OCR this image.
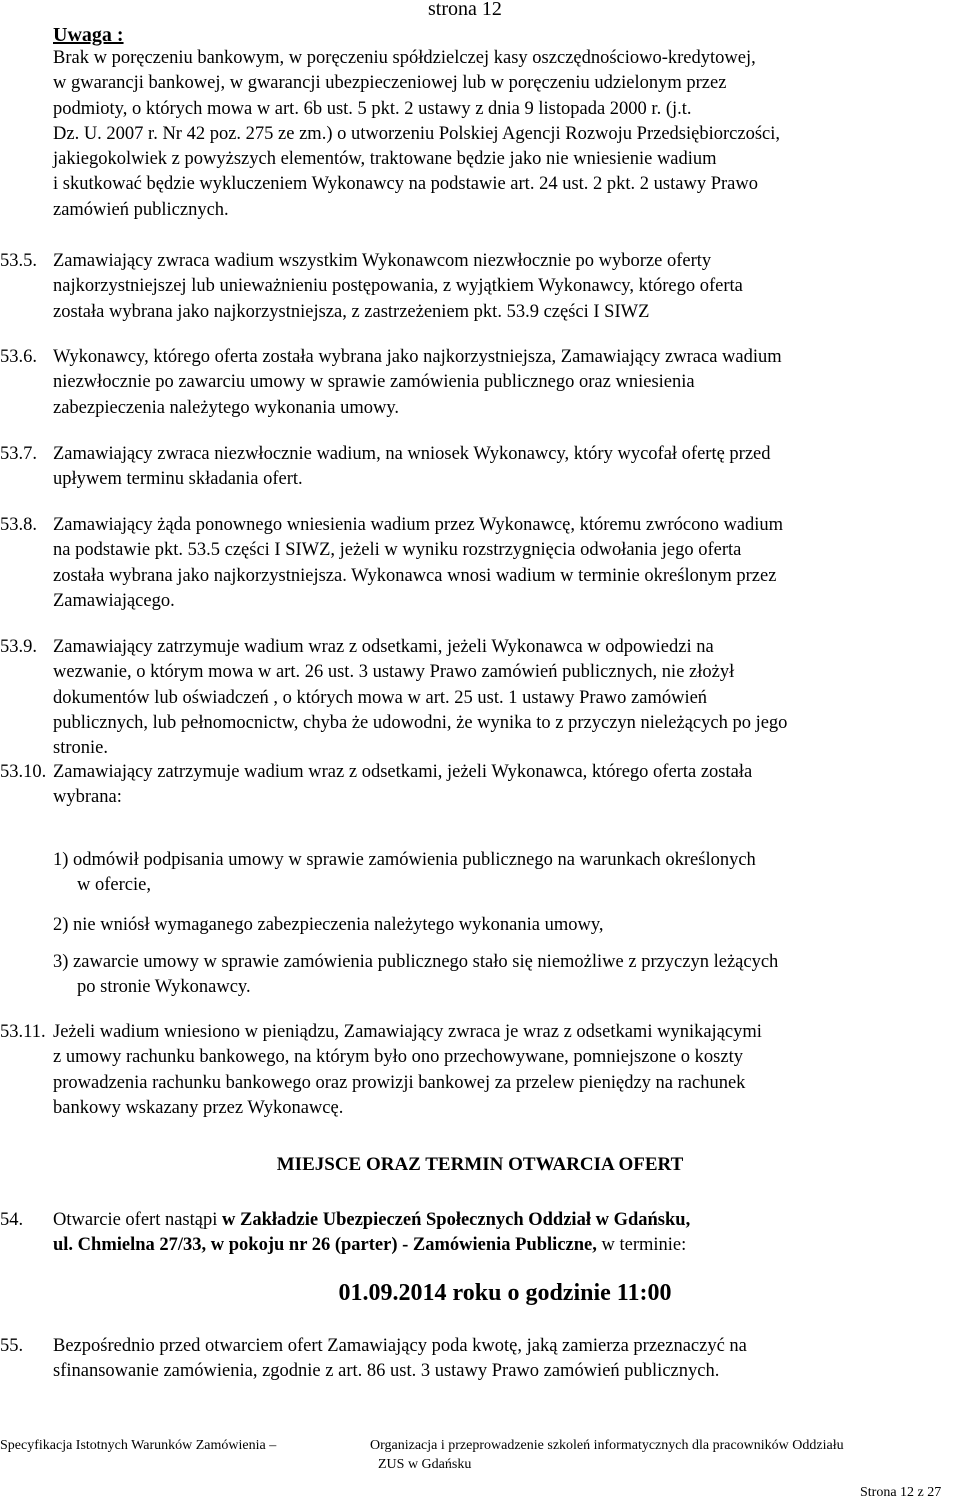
strona 12
Uwaga :
Brak w poręczeniu bankowym, w poręczeniu spółdzielczej kasy oszczędnościowo-kredytowej,
w gwarancji bankowej, w gwarancji ubezpieczeniowej lub w poręczeniu udzielonym przez
podmioty, o których mowa w art. 6b ust. 5 pkt. 2 ustawy z dnia 9 listopada 2000 r. (j.t.
Dz. U. 2007 r. Nr 42 poz. 275 ze zm.) o utworzeniu Polskiej Agencji Rozwoju Przedsiębiorczości,
jakiegokolwiek z powyższych elementów, traktowane będzie jako nie wniesienie wadium
i skutkować będzie wykluczeniem Wykonawcy na podstawie art. 24 ust. 2 pkt. 2 ustawy Prawo
zamówień publicznych.
53.5. Zamawiający zwraca wadium wszystkim Wykonawcom niezwłocznie po wyborze oferty
najkorzystniejszej lub unieważnieniu postępowania, z wyjątkiem Wykonawcy, którego oferta
została wybrana jako najkorzystniejsza, z zastrzeżeniem pkt. 53.9 części I SIWZ
53.6. Wykonawcy, którego oferta została wybrana jako najkorzystniejsza, Zamawiający zwraca wadium
niezwłocznie po zawarciu umowy w sprawie zamówienia publicznego oraz wniesienia
zabezpieczenia należytego wykonania umowy.
53.7. Zamawiający zwraca niezwłocznie wadium, na wniosek Wykonawcy, który wycofał ofertę przed
upływem terminu składania ofert.
53.8. Zamawiający żąda ponownego wniesienia wadium przez Wykonawcę, któremu zwrócono wadium
na podstawie pkt. 53.5 części I SIWZ, jeżeli w wyniku rozstrzygnięcia odwołania jego oferta
została wybrana jako najkorzystniejsza. Wykonawca wnosi wadium w terminie określonym przez
Zamawiającego.
53.9. Zamawiający zatrzymuje wadium wraz z odsetkami, jeżeli Wykonawca w odpowiedzi na
wezwanie, o którym mowa w art. 26 ust. 3 ustawy Prawo zamówień publicznych, nie złożył
dokumentów lub oświadczeń , o których mowa w art. 25 ust. 1 ustawy Prawo zamówień
publicznych, lub pełnomocnictw, chyba że udowodni, że wynika to z przyczyn nieleżących po jego
stronie.
53.10. Zamawiający zatrzymuje wadium wraz z odsetkami, jeżeli Wykonawca, którego oferta została
wybrana:
1) odmówił podpisania umowy w sprawie zamówienia publicznego na warunkach określonych
w ofercie,
2) nie wniósł wymaganego zabezpieczenia należytego wykonania umowy,
3) zawarcie umowy w sprawie zamówienia publicznego stało się niemożliwe z przyczyn leżących
po stronie Wykonawcy.
53.11. Jeżeli wadium wniesiono w pieniądzu, Zamawiający zwraca je wraz z odsetkami wynikającymi
z umowy rachunku bankowego, na którym było ono przechowywane, pomniejszone o koszty
prowadzenia rachunku bankowego oraz prowizji bankowej za przelew pieniędzy na rachunek
bankowy wskazany przez Wykonawcę.
MIEJSCE ORAZ TERMIN OTWARCIA OFERT
54. Otwarcie ofert nastąpi w Zakładzie Ubezpieczeń Społecznych Oddział w Gdańsku,
ul. Chmielna 27/33, w pokoju nr 26 (parter) - Zamówienia Publiczne, w terminie:
01.09.2014 roku o godzinie 11:00
55. Bezpośrednio przed otwarciem ofert Zamawiający poda kwotę, jaką zamierza przeznaczyć na
sfinansowanie zamówienia, zgodnie z art. 86 ust. 3 ustawy Prawo zamówień publicznych.
Specyfikacja Istotnych Warunków Zamówienia –	Organizacja i przeprowadzenie szkoleń informatycznych dla pracowników Oddziału
ZUS w Gdańsku
Strona 12 z 27
